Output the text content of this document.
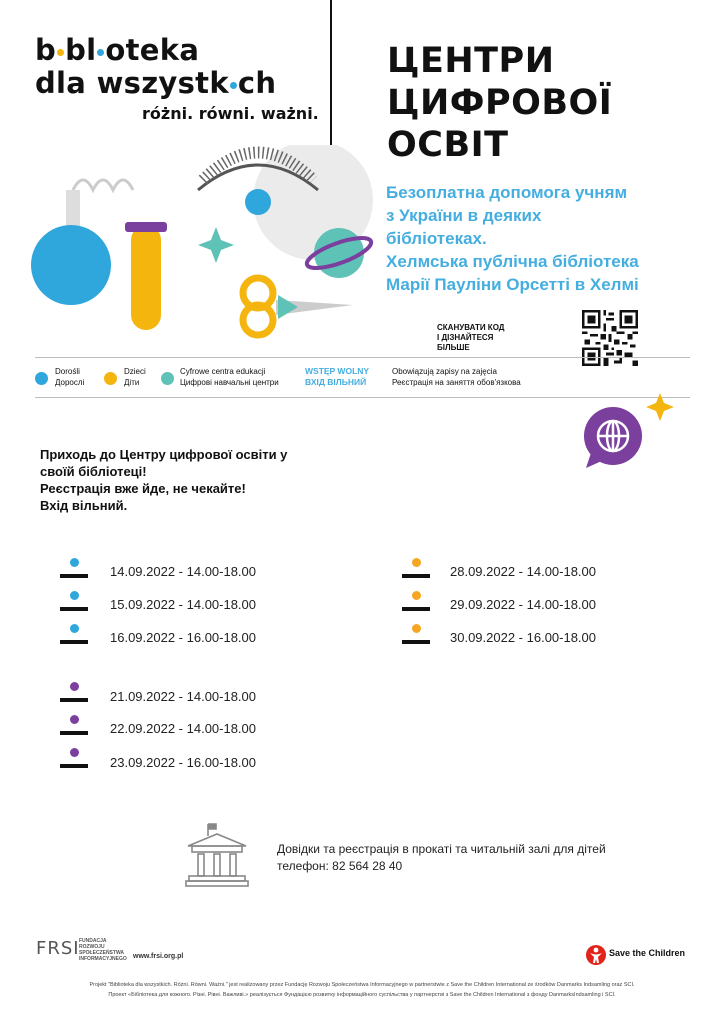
b bl oteka
dla wszystk ch
różni. równi. ważni.
ЦЕНТРИ
ЦИФРОВОЇ
ОСВІТ
Безоплатна допомога учням
з України в деяких
бібліотеках.
Хелмська публічна бібліотека
Марії Пауліни Орсетті в Хелмі
СКАНУВАТИ КОД
І ДІЗНАЙТЕСЯ
БІЛЬШЕ
Dorośli
Дорослі
Dzieci
Діти
Cyfrowe centra edukacji
Цифрові навчальні центри
WSTĘP WOLNY
ВХІД ВІЛЬНИЙ
Obowiązują zapisy na zajęcia
Реєстрація на заняття обов'язкова
Приходь до Центру цифрової освіти у
своїй бібліотеці!
Реєстрація вже йде, не чекайте!
Вхід вільний.
14.09.2022 - 14.00-18.00
15.09.2022 - 14.00-18.00
16.09.2022 - 16.00-18.00
28.09.2022 - 14.00-18.00
29.09.2022 - 14.00-18.00
30.09.2022 - 16.00-18.00
21.09.2022 - 14.00-18.00
22.09.2022 - 14.00-18.00
23.09.2022 - 16.00-18.00
Довідки та реєстрація в прокаті та читальній залі для дітей
телефон: 82 564 28 40
FRSI FUNDACJA
ROZWOJU
SPOŁECZEŃSTWA
INFORMACYJNEGO www.frsi.org.pl	Save the Children
Projekt "Biblioteka dla wszystkich. Różni. Równi. Ważni." jest realizowany przez Fundację Rozwoju Społeczeństwa Informacyjnego w partnerstwie z Save the Children International ze środków Danmarks Indsamling oraz SCI.
Проект «Бібліотека для кожного. Різні. Рівні. Важливі.» реалізується Фундацією розвитку інформаційного суспільства у партнерстві з Save the Children International з фонду DanmarksIndsamling і SCI.
